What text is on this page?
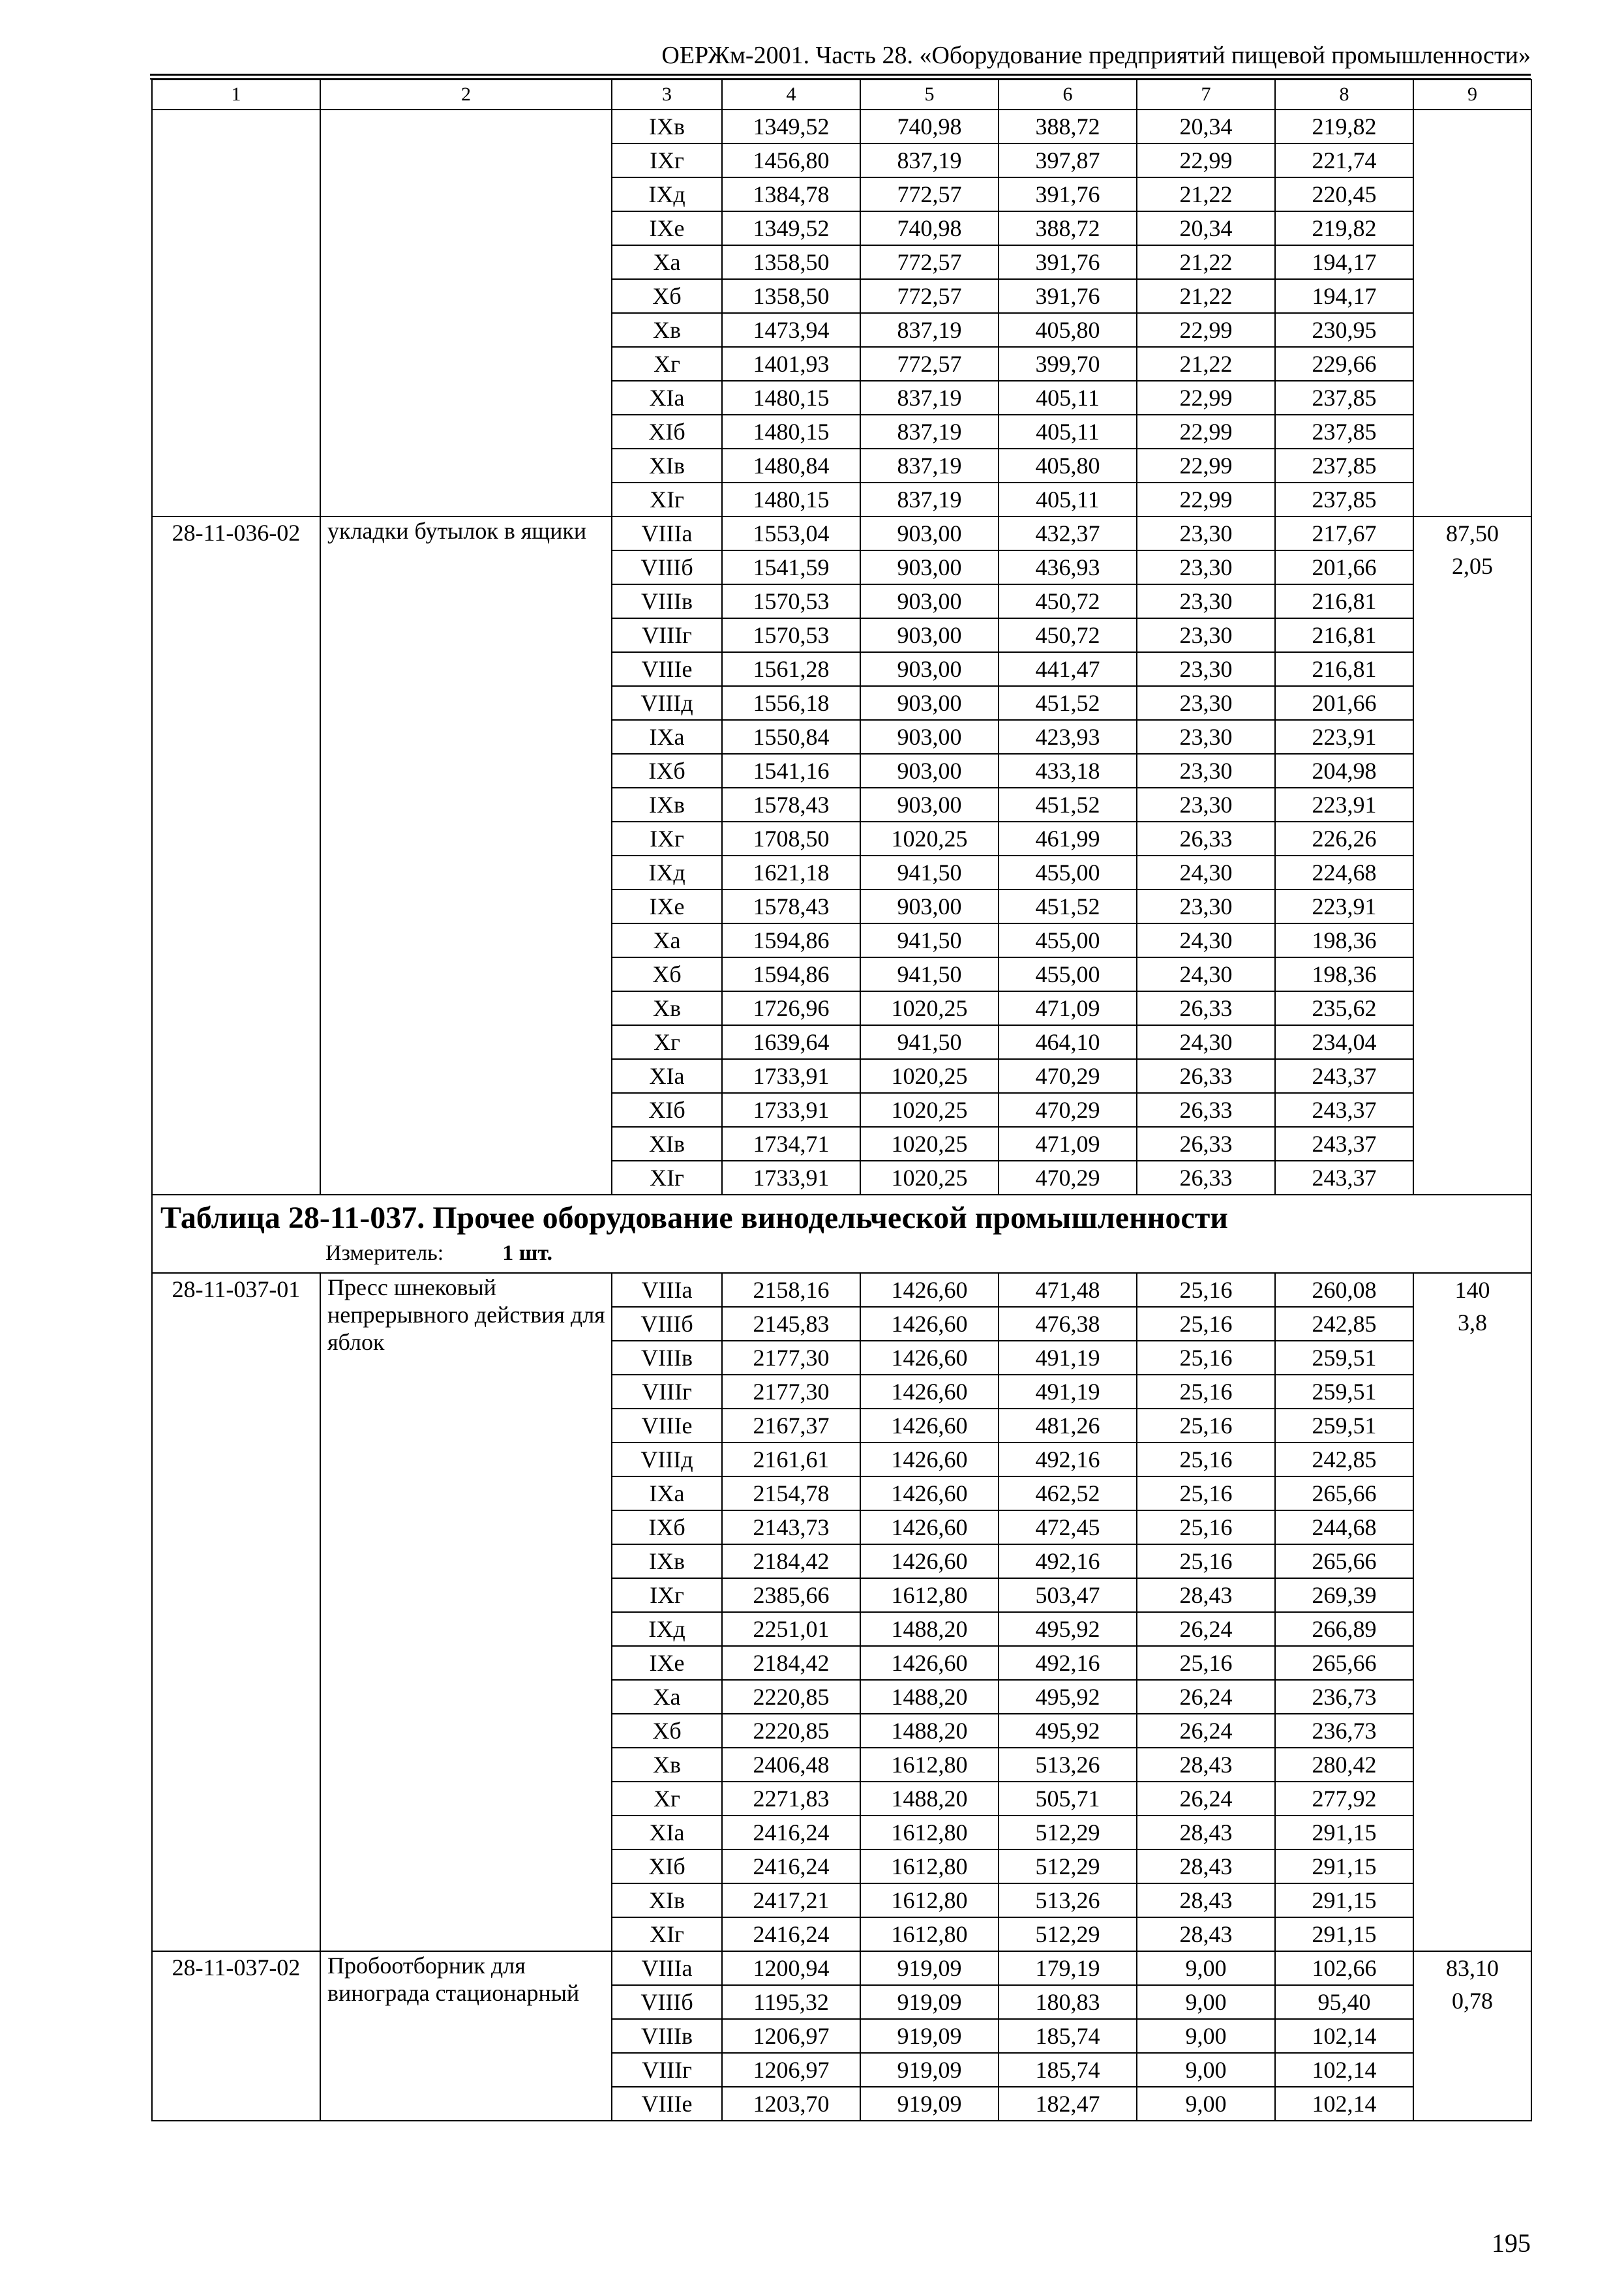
ОЕРЖм-2001. Часть 28. «Оборудование предприятий пищевой промышленности»
1	2	3	4	5	6	7	8	9
		IXв	1349,52	740,98	388,72	20,34	219,82	
		IXг	1456,80	837,19	397,87	22,99	221,74	
		IXд	1384,78	772,57	391,76	21,22	220,45	
		IXе	1349,52	740,98	388,72	20,34	219,82	
		Xа	1358,50	772,57	391,76	21,22	194,17	
		Xб	1358,50	772,57	391,76	21,22	194,17	
		Xв	1473,94	837,19	405,80	22,99	230,95	
		Xг	1401,93	772,57	399,70	21,22	229,66	
		XIа	1480,15	837,19	405,11	22,99	237,85	
		XIб	1480,15	837,19	405,11	22,99	237,85	
		XIв	1480,84	837,19	405,80	22,99	237,85	
		XIг	1480,15	837,19	405,11	22,99	237,85	
28-11-036-02	укладки бутылок в ящики	VIIIа	1553,04	903,00	432,37	23,30	217,67	87,50
2,05

		VIIIб	1541,59	903,00	436,93	23,30	201,66	
		VIIIв	1570,53	903,00	450,72	23,30	216,81	
		VIIIг	1570,53	903,00	450,72	23,30	216,81	
		VIIIе	1561,28	903,00	441,47	23,30	216,81	
		VIIIд	1556,18	903,00	451,52	23,30	201,66	
		IXа	1550,84	903,00	423,93	23,30	223,91	
		IXб	1541,16	903,00	433,18	23,30	204,98	
		IXв	1578,43	903,00	451,52	23,30	223,91	
		IXг	1708,50	1020,25	461,99	26,33	226,26	
		IXд	1621,18	941,50	455,00	24,30	224,68	
		IXе	1578,43	903,00	451,52	23,30	223,91	
		Xа	1594,86	941,50	455,00	24,30	198,36	
		Xб	1594,86	941,50	455,00	24,30	198,36	
		Xв	1726,96	1020,25	471,09	26,33	235,62	
		Xг	1639,64	941,50	464,10	24,30	234,04	
		XIа	1733,91	1020,25	470,29	26,33	243,37	
		XIб	1733,91	1020,25	470,29	26,33	243,37	
		XIв	1734,71	1020,25	471,09	26,33	243,37	
		XIг	1733,91	1020,25	470,29	26,33	243,37	

Таблица 28-11-037. Прочее оборудование винодельческой промышленности
Измеритель: 1 шт.								

28-11-037-01	Пресс шнековый непрерывного действия для яблок	VIIIа	2158,16	1426,60	471,48	25,16	260,08	140
3,8

		VIIIб	2145,83	1426,60	476,38	25,16	242,85	
		VIIIв	2177,30	1426,60	491,19	25,16	259,51	
		VIIIг	2177,30	1426,60	491,19	25,16	259,51	
		VIIIе	2167,37	1426,60	481,26	25,16	259,51	
		VIIIд	2161,61	1426,60	492,16	25,16	242,85	
		IXа	2154,78	1426,60	462,52	25,16	265,66	
		IXб	2143,73	1426,60	472,45	25,16	244,68	
		IXв	2184,42	1426,60	492,16	25,16	265,66	
		IXг	2385,66	1612,80	503,47	28,43	269,39	
		IXд	2251,01	1488,20	495,92	26,24	266,89	
		IXе	2184,42	1426,60	492,16	25,16	265,66	
		Xа	2220,85	1488,20	495,92	26,24	236,73	
		Xб	2220,85	1488,20	495,92	26,24	236,73	
		Xв	2406,48	1612,80	513,26	28,43	280,42	
		Xг	2271,83	1488,20	505,71	26,24	277,92	
		XIа	2416,24	1612,80	512,29	28,43	291,15	
		XIб	2416,24	1612,80	512,29	28,43	291,15	
		XIв	2417,21	1612,80	513,26	28,43	291,15	
		XIг	2416,24	1612,80	512,29	28,43	291,15	
28-11-037-02	Пробоотборник для винограда стационарный	VIIIа	1200,94	919,09	179,19	9,00	102,66	83,10
0,78

		VIIIб	1195,32	919,09	180,83	9,00	95,40	
		VIIIв	1206,97	919,09	185,74	9,00	102,14	
		VIIIг	1206,97	919,09	185,74	9,00	102,14	
		VIIIе	1203,70	919,09	182,47	9,00	102,14	
195
